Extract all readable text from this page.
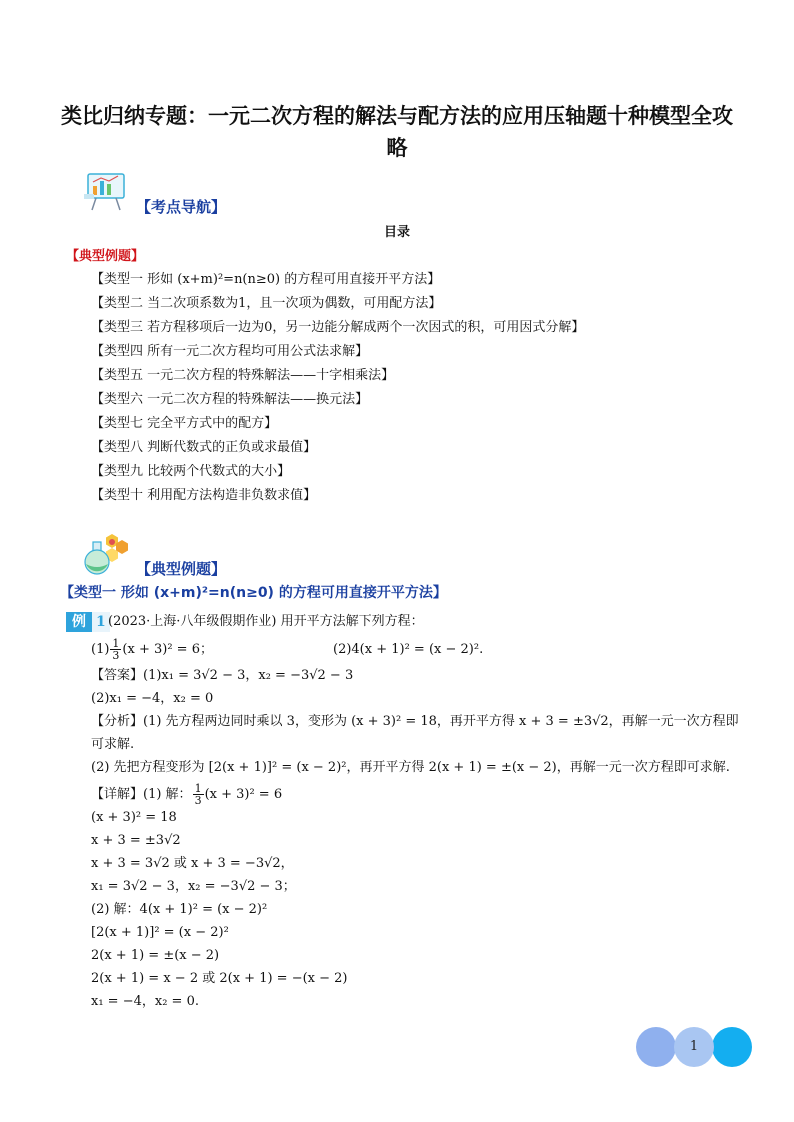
类比归纳专题：一元二次方程的解法与配方法的应用压轴题十种模型全攻略
【考点导航】
目录
【典型例题】
【类型一 形如 (x+m)²=n(n≥0) 的方程可用直接开平方法】
【类型二 当二次项系数为1，且一次项为偶数，可用配方法】
【类型三 若方程移项后一边为0，另一边能分解成两个一次因式的积，可用因式分解】
【类型四 所有一元二次方程均可用公式法求解】
【类型五 一元二次方程的特殊解法——十字相乘法】
【类型六 一元二次方程的特殊解法——换元法】
【类型七 完全平方式中的配方】
【类型八 判断代数式的正负或求最值】
【类型九 比较两个代数式的大小】
【类型十 利用配方法构造非负数求值】
【典型例题】
【类型一 形如 (x+m)²=n(n≥0) 的方程可用直接开平方法】
例 1 (2023·上海·八年级假期作业) 用开平方法解下列方程：
$(1) \frac{1}{3} (x + 3)^2 = 6$；	(2)4(x + 1)² = (x − 2)².
【答案】(1)x₁ = 3√2 − 3，x₂ = −3√2 − 3
(2)x₁ = −4，x₂ = 0
【分析】(1) 先方程两边同时乘以 3，变形为 (x + 3)² = 18，再开平方得 x + 3 = ±3√2，再解一元一次方程即
可求解.
(2) 先把方程变形为 [2(x + 1)]² = (x − 2)²，再开平方得 2(x + 1) = ±(x − 2)，再解一元一次方程即可求解.
【详解】(1) 解： $\frac{1}{3} (x + 3)^2 = 6$
(x + 3)² = 18
x + 3 = ±3√2
x + 3 = 3√2 或 x + 3 = −3√2，
x₁ = 3√2 − 3，x₂ = −3√2 − 3；
(2) 解：4(x + 1)² = (x − 2)²
[2(x + 1)]² = (x − 2)²
2(x + 1) = ±(x − 2)
2(x + 1) = x − 2 或 2(x + 1) = −(x − 2)
x₁ = −4，x₂ = 0.
1
